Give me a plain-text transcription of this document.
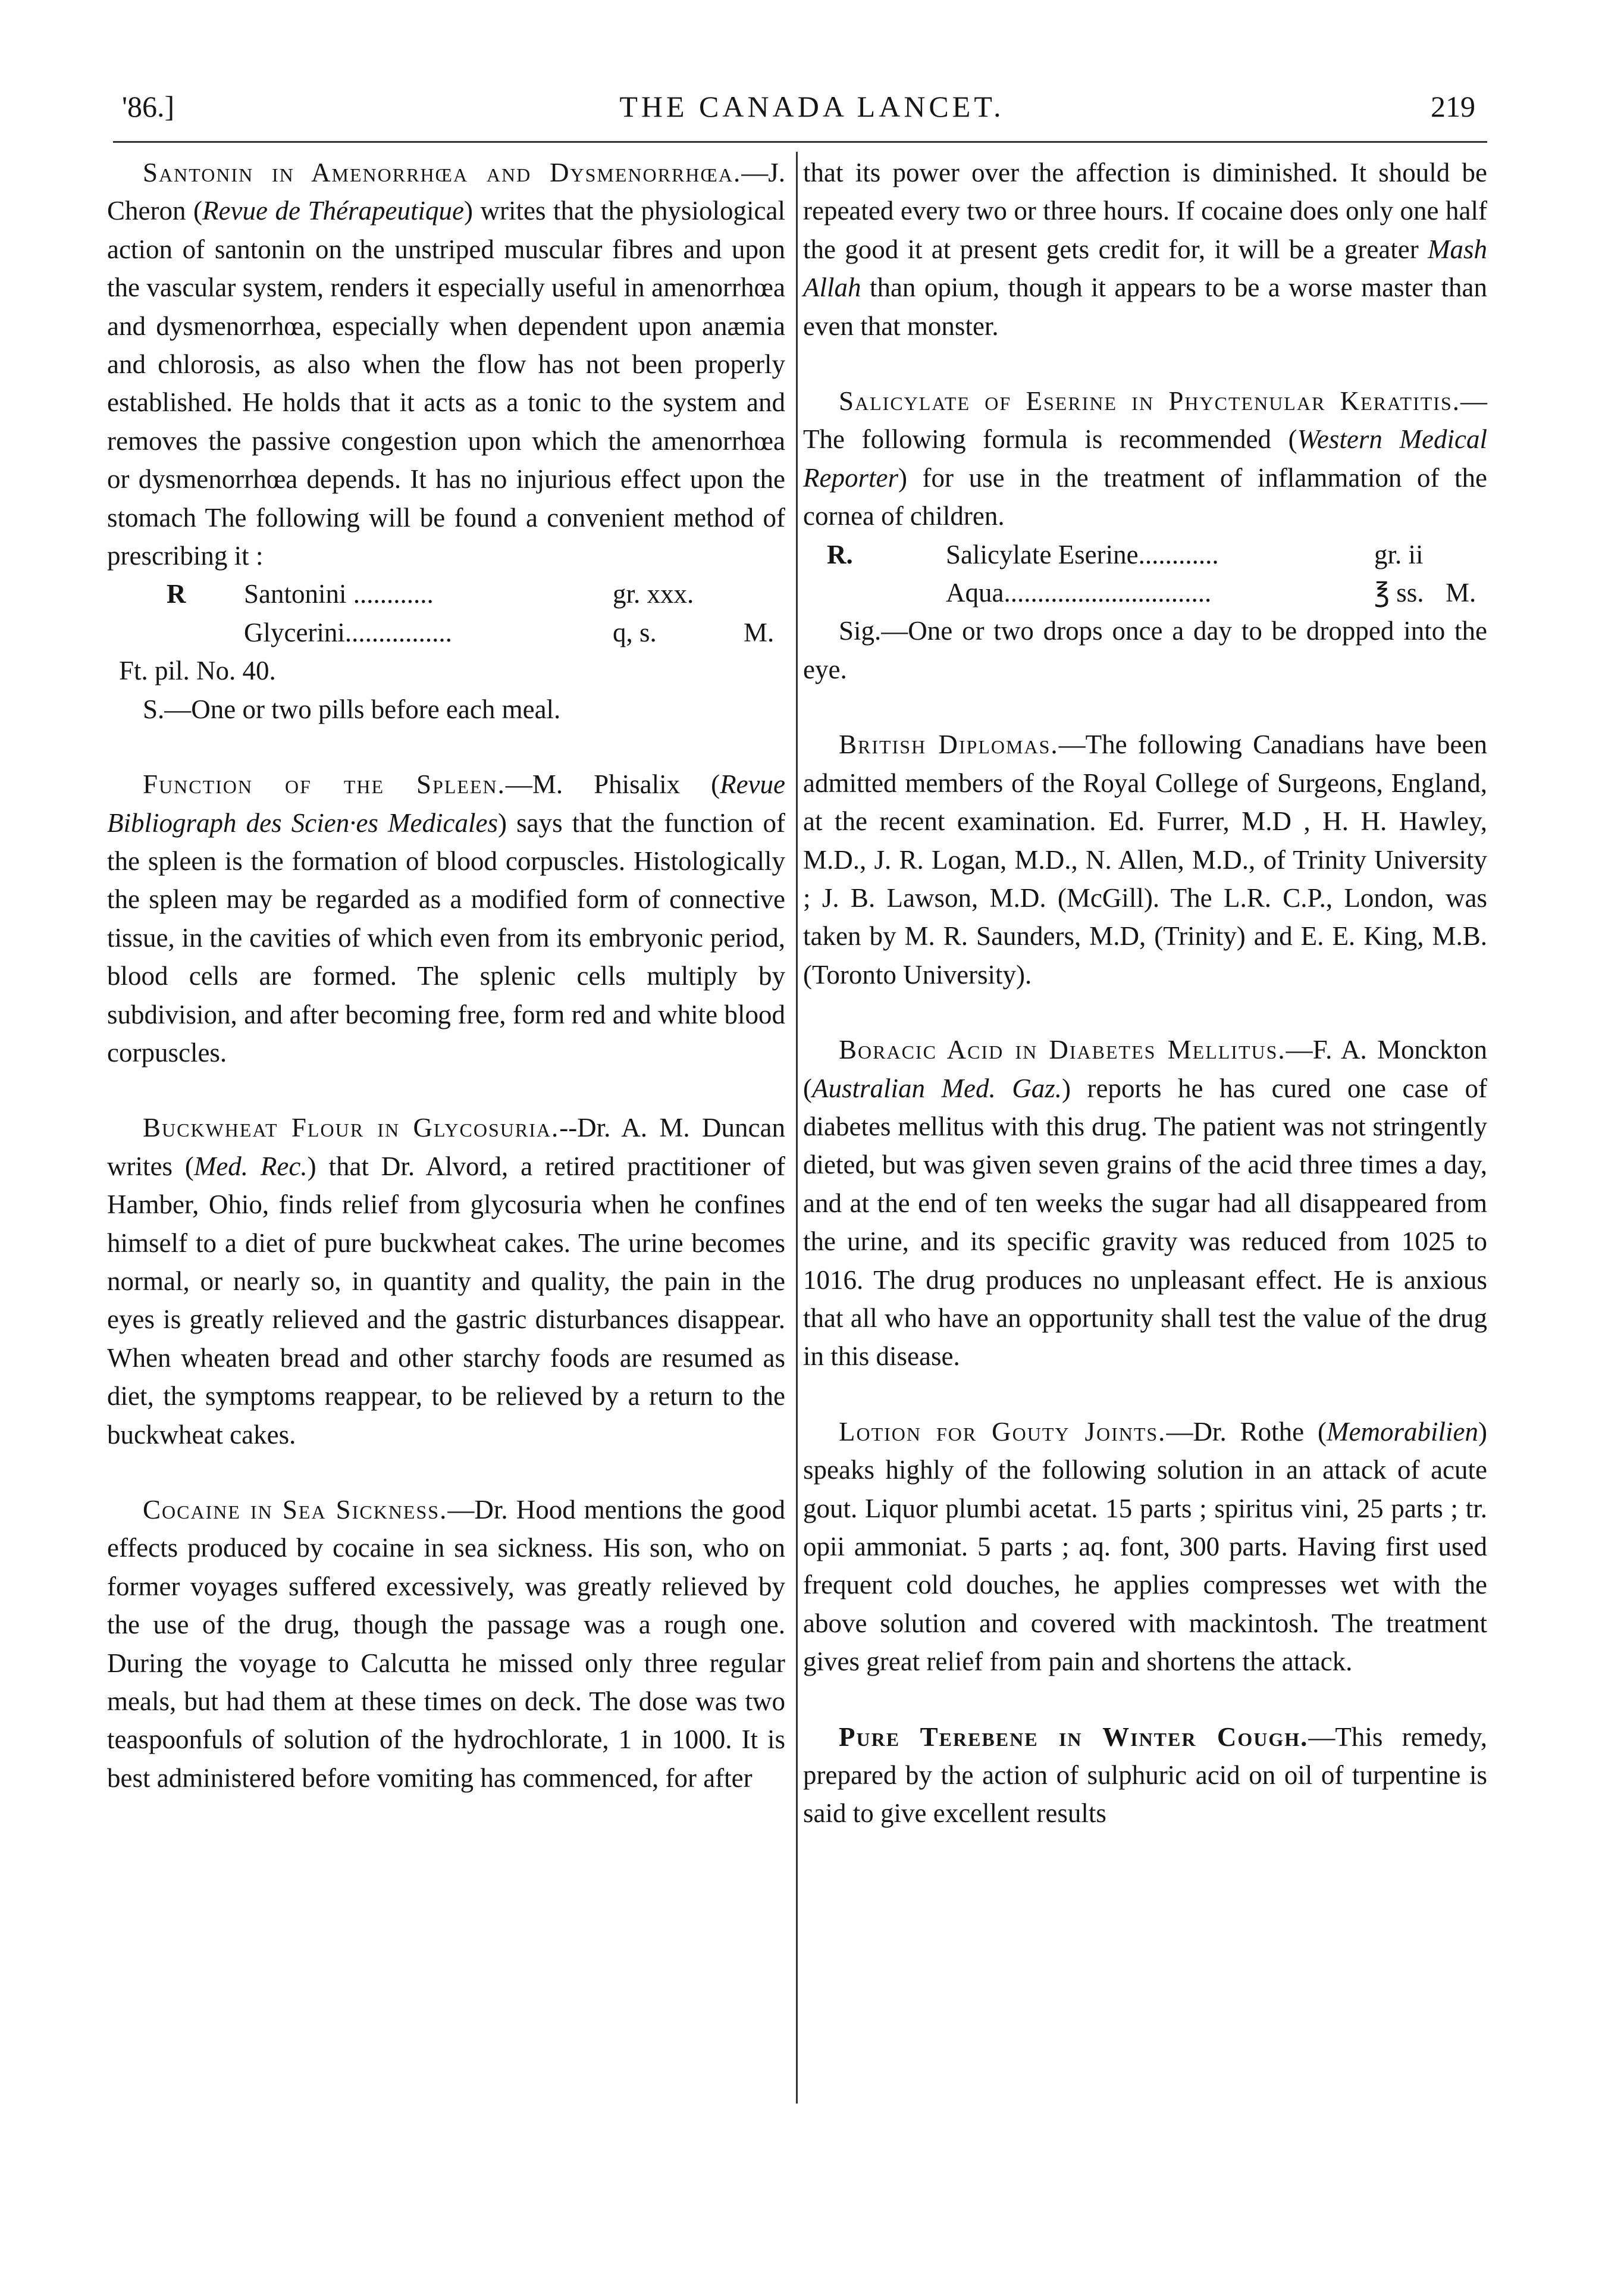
'86.]	THE CANADA LANCET.	219

Santonin in Amenorrhœa and Dysmenorrhœa.—J. Cheron (Revue de Thérapeutique) writes that the physiological action of santonin on the unstriped muscular fibres and upon the vascular system, renders it especially useful in amenorrhœa and dysmenorrhœa, especially when dependent upon anæmia and chlorosis, as also when the flow has not been properly established. He holds that it acts as a tonic to the system and removes the passive congestion upon which the amenorrhœa or dysmenorrhœa depends. It has no injurious effect upon the stomach The following will be found a convenient method of prescribing it :

R	Santonini ............	gr. xxx.
Glycerini................	q, s.	M.

Ft. pil. No. 40.

S.—One or two pills before each meal.

Function of the Spleen.—M. Phisalix (Revue Bibliograph des Scien·es Medicales) says that the function of the spleen is the formation of blood corpuscles. Histologically the spleen may be regarded as a modified form of connective tissue, in the cavities of which even from its embryonic period, blood cells are formed. The splenic cells multiply by subdivision, and after becoming free, form red and white blood corpuscles.

Buckwheat Flour in Glycosuria.--Dr. A. M. Duncan writes (Med. Rec.) that Dr. Alvord, a retired practitioner of Hamber, Ohio, finds relief from glycosuria when he confines himself to a diet of pure buckwheat cakes. The urine becomes normal, or nearly so, in quantity and quality, the pain in the eyes is greatly relieved and the gastric disturbances disappear. When wheaten bread and other starchy foods are resumed as diet, the symptoms reappear, to be relieved by a return to the buckwheat cakes.

Cocaine in Sea Sickness.—Dr. Hood mentions the good effects produced by cocaine in sea sickness. His son, who on former voyages suffered excessively, was greatly relieved by the use of the drug, though the passage was a rough one. During the voyage to Calcutta he missed only three regular meals, but had them at these times on deck. The dose was two teaspoonfuls of solution of the hydrochlorate, 1 in 1000. It is best administered before vomiting has commenced, for after

that its power over the affection is diminished. It should be repeated every two or three hours. If cocaine does only one half the good it at present gets credit for, it will be a greater Mash Allah than opium, though it appears to be a worse master than even that monster.

Salicylate of Eserine in Phyctenular Keratitis.—The following formula is recommended (Western Medical Reporter) for use in the treatment of inflammation of the cornea of children.

R.	Salicylate Eserine............	gr. ii
Aqua...............................	℥ ss. M.

Sig.—One or two drops once a day to be dropped into the eye.

British Diplomas.—The following Canadians have been admitted members of the Royal College of Surgeons, England, at the recent examination. Ed. Furrer, M.D , H. H. Hawley, M.D., J. R. Logan, M.D., N. Allen, M.D., of Trinity University ; J. B. Lawson, M.D. (McGill). The L.R. C.P., London, was taken by M. R. Saunders, M.D, (Trinity) and E. E. King, M.B. (Toronto University).

Boracic Acid in Diabetes Mellitus.—F. A. Monckton (Australian Med. Gaz.) reports he has cured one case of diabetes mellitus with this drug. The patient was not stringently dieted, but was given seven grains of the acid three times a day, and at the end of ten weeks the sugar had all disappeared from the urine, and its specific gravity was reduced from 1025 to 1016. The drug produces no unpleasant effect. He is anxious that all who have an opportunity shall test the value of the drug in this disease.

Lotion for Gouty Joints.—Dr. Rothe (Memorabilien) speaks highly of the following solution in an attack of acute gout. Liquor plumbi acetat. 15 parts ; spiritus vini, 25 parts ; tr. opii ammoniat. 5 parts ; aq. font, 300 parts. Having first used frequent cold douches, he applies compresses wet with the above solution and covered with mackintosh. The treatment gives great relief from pain and shortens the attack.

Pure Terebene in Winter Cough.—This remedy, prepared by the action of sulphuric acid on oil of turpentine is said to give excellent results
